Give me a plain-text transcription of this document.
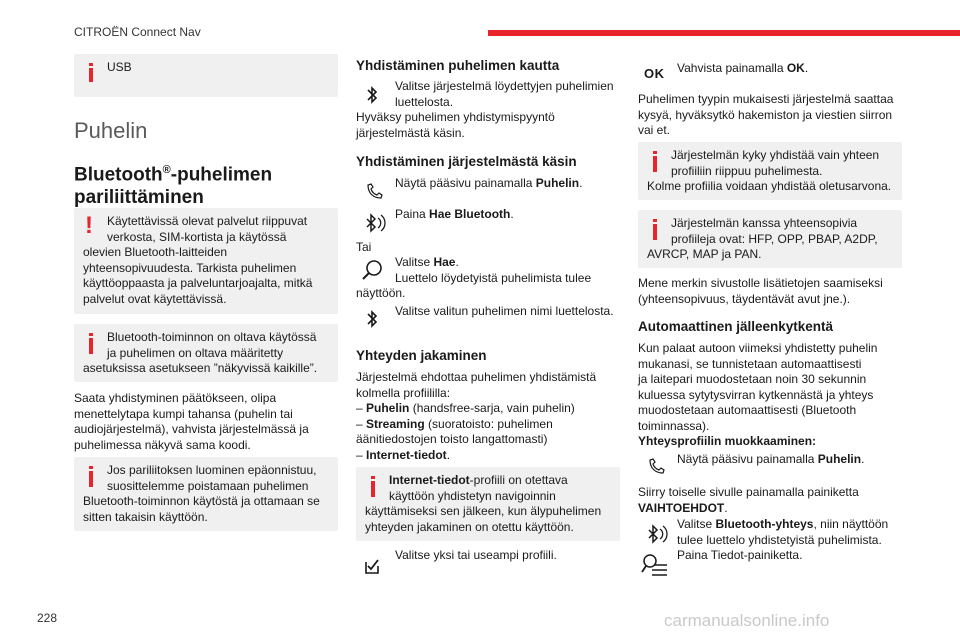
CITROËN Connect Nav
USB
Puhelin
Bluetooth®-puhelimen
pariliittäminen
! Käytettävissä olevat palvelut riippuvat
verkosta, SIM-kortista ja käytössä
olevien Bluetooth-laitteiden
yhteensopivuudesta. Tarkista puhelimen
käyttöoppaasta ja palveluntarjoajalta, mitkä
palvelut ovat käytettävissä.
Bluetooth-toiminnon on oltava käytössä
ja puhelimen on oltava määritetty
asetuksissa asetukseen ”näkyvissä kaikille”.
Saata yhdistyminen päätökseen, olipa
menettelytapa kumpi tahansa (puhelin tai
audiojärjestelmä), vahvista järjestelmässä ja
puhelimessa näkyvä sama koodi.
Jos pariliitoksen luominen epäonnistuu,
suosittelemme poistamaan puhelimen
Bluetooth-toiminnon käytöstä ja ottamaan se
sitten takaisin käyttöön.
Yhdistäminen puhelimen kautta
Valitse järjestelmä löydettyjen puhelimien
luettelosta.
Hyväksy puhelimen yhdistymispyyntö
järjestelmästä käsin.
Yhdistäminen järjestelmästä käsin
Näytä pääsivu painamalla Puhelin.
Paina Hae Bluetooth.
Tai
Valitse Hae.
Luettelo löydetyistä puhelimista tulee
näyttöön.
Valitse valitun puhelimen nimi luettelosta.
Yhteyden jakaminen
Järjestelmä ehdottaa puhelimen yhdistämistä
kolmella profiililla:
– Puhelin (handsfree-sarja, vain puhelin)
– Streaming (suoratoisto: puhelimen
äänitiedostojen toisto langattomasti)
– Internet-tiedot.
Internet-tiedot-profiili on otettava
käyttöön yhdistetyn navigoinnin
käyttämiseksi sen jälkeen, kun älypuhelimen
yhteyden jakaminen on otettu käyttöön.
Valitse yksi tai useampi profiili.
OK Vahvista painamalla OK.
Puhelimen tyypin mukaisesti järjestelmä saattaa
kysyä, hyväksytkö hakemiston ja viestien siirron
vai et.
Järjestelmän kyky yhdistää vain yhteen
profiiliin riippuu puhelimesta.
Kolme profiilia voidaan yhdistää oletusarvona.
Järjestelmän kanssa yhteensopivia
profiileja ovat: HFP, OPP, PBAP, A2DP,
AVRCP, MAP ja PAN.
Mene merkin sivustolle lisätietojen saamiseksi
(yhteensopivuus, täydentävät avut jne.).
Automaattinen jälleenkytkentä
Kun palaat autoon viimeksi yhdistetty puhelin
mukanasi, se tunnistetaan automaattisesti
ja laitepari muodostetaan noin 30 sekunnin
kuluessa sytytysvirran kytkennästä ja yhteys
muodostetaan automaattisesti (Bluetooth
toiminnassa).
Yhteysprofiilin muokkaaminen:
Näytä pääsivu painamalla Puhelin.
Siirry toiselle sivulle painamalla painiketta
VAIHTOEHDOT.
Valitse Bluetooth-yhteys, niin näyttöön
tulee luettelo yhdistetyistä puhelimista.
Paina Tiedot-painiketta.
228	carmanualsonline.info
